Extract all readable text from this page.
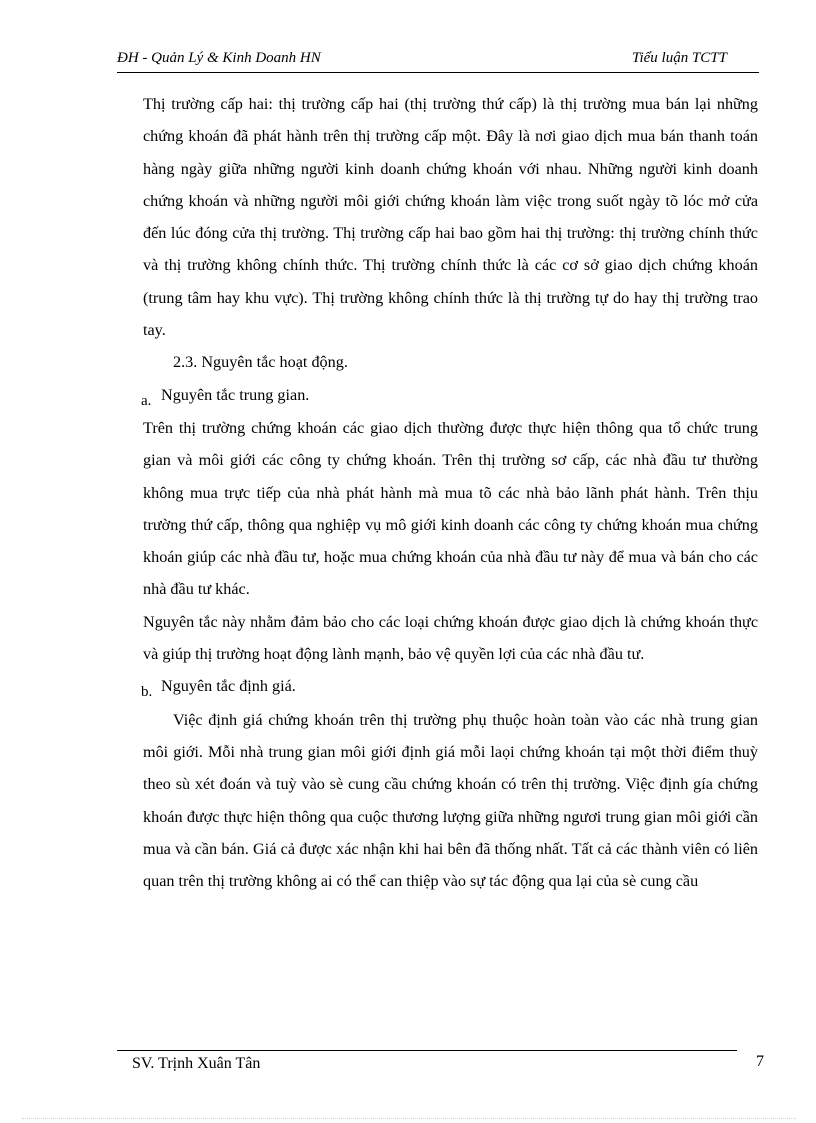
ĐH - Quản Lý & Kinh Doanh HN	Tiểu luận TCTT

Thị trường cấp hai: thị trường cấp hai (thị trường thứ cấp) là thị trường mua bán lại những chứng khoán đã phát hành trên thị trường cấp một. Đây là nơi giao dịch mua bán thanh toán hàng ngày giữa những người kinh doanh chứng khoán với nhau. Những người kinh doanh chứng khoán và những người môi giới chứng khoán làm việc trong suốt ngày tõ lóc mở cửa đến lúc đóng cửa thị trường. Thị trường cấp hai bao gồm hai thị trường: thị trường chính thức và thị trường không chính thức. Thị trường chính thức là các cơ sở giao dịch chứng khoán (trung tâm hay khu vực). Thị trường không chính thức là thị trường tự do hay thị trường trao tay.

2.3. Nguyên tắc hoạt động.

a. Nguyên tắc trung gian.

Trên thị trường chứng khoán các giao dịch thường được thực hiện thông qua tổ chức trung gian và môi giới các công ty chứng khoán. Trên thị trường sơ cấp, các nhà đầu tư thường không mua trực tiếp của nhà phát hành mà mua tõ các nhà bảo lãnh phát hành. Trên thịu trường thứ cấp, thông qua nghiệp vụ mô giới kinh doanh các công ty chứng khoán mua chứng khoán giúp các nhà đầu tư, hoặc mua chứng khoán của nhà đầu tư này để mua và bán cho các nhà đầu tư khác.

Nguyên tắc này nhằm đảm bảo cho các loại chứng khoán được giao dịch là chứng khoán thực và giúp thị trường hoạt động lành mạnh, bảo vệ quyền lợi của các nhà đầu tư.

b. Nguyên tắc định giá.

Việc định giá chứng khoán trên thị trường phụ thuộc hoàn toàn vào các nhà trung gian môi giới. Mỗi nhà trung gian môi giới định giá mỗi laọi chứng khoán tại một thời điểm thuỳ theo sù xét đoán và tuỳ vào sè cung cầu chứng khoán có trên thị trường. Việc định gía chứng khoán được thực hiện thông qua cuộc thương lượng giữa những ngươi trung gian môi giới cần mua và cần bán. Giá cả được xác nhận khi hai bên đã thống nhất. Tất cả các thành viên có liên quan trên thị trường không ai có thể can thiệp vào sự tác động qua lại của sè cung cầu

SV. Trịnh Xuân Tân	7
